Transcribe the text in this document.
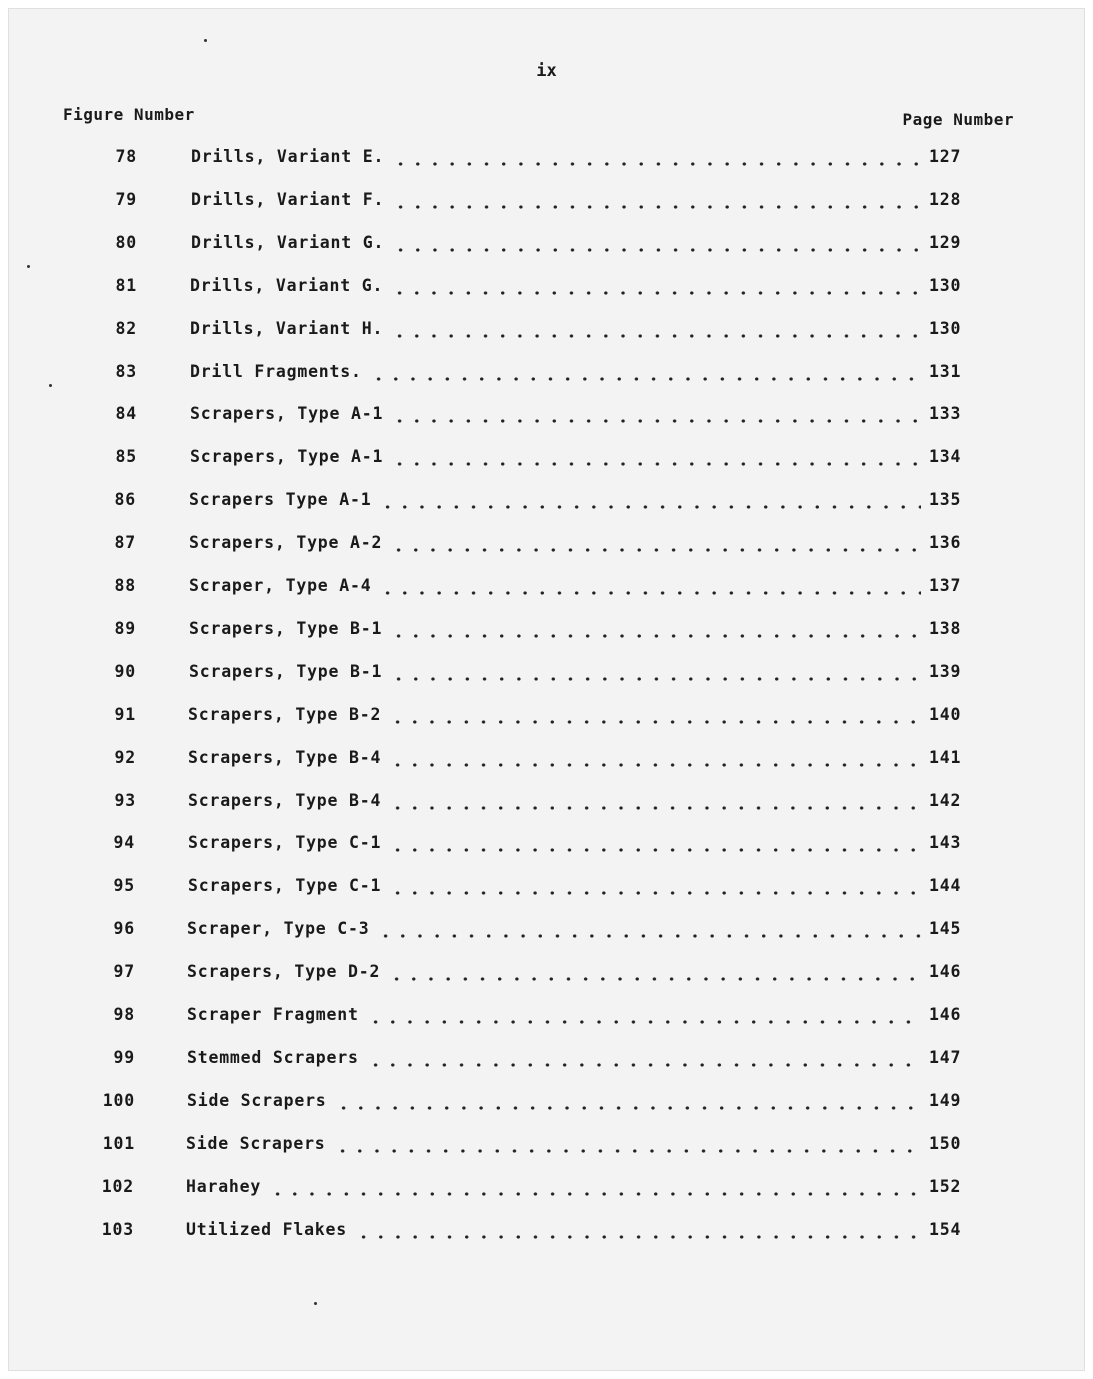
ix
Figure Number	Page Number
78	Drills, Variant E.	127
79	Drills, Variant F.	128
80	Drills, Variant G.	129
81	Drills, Variant G.	130
82	Drills, Variant H.	130
83	Drill Fragments.	131
84	Scrapers, Type A-1	133
85	Scrapers, Type A-1	134
86	Scrapers Type A-1	135
87	Scrapers, Type A-2	136
88	Scraper, Type A-4	137
89	Scrapers, Type B-1	138
90	Scrapers, Type B-1	139
91	Scrapers, Type B-2	140
92	Scrapers, Type B-4	141
93	Scrapers, Type B-4	142
94	Scrapers, Type C-1	143
95	Scrapers, Type C-1	144
96	Scraper, Type C-3	145
97	Scrapers, Type D-2	146
98	Scraper Fragment	146
99	Stemmed Scrapers	147
100	Side Scrapers	149
101	Side Scrapers	150
102	Harahey	152
103	Utilized Flakes	154
